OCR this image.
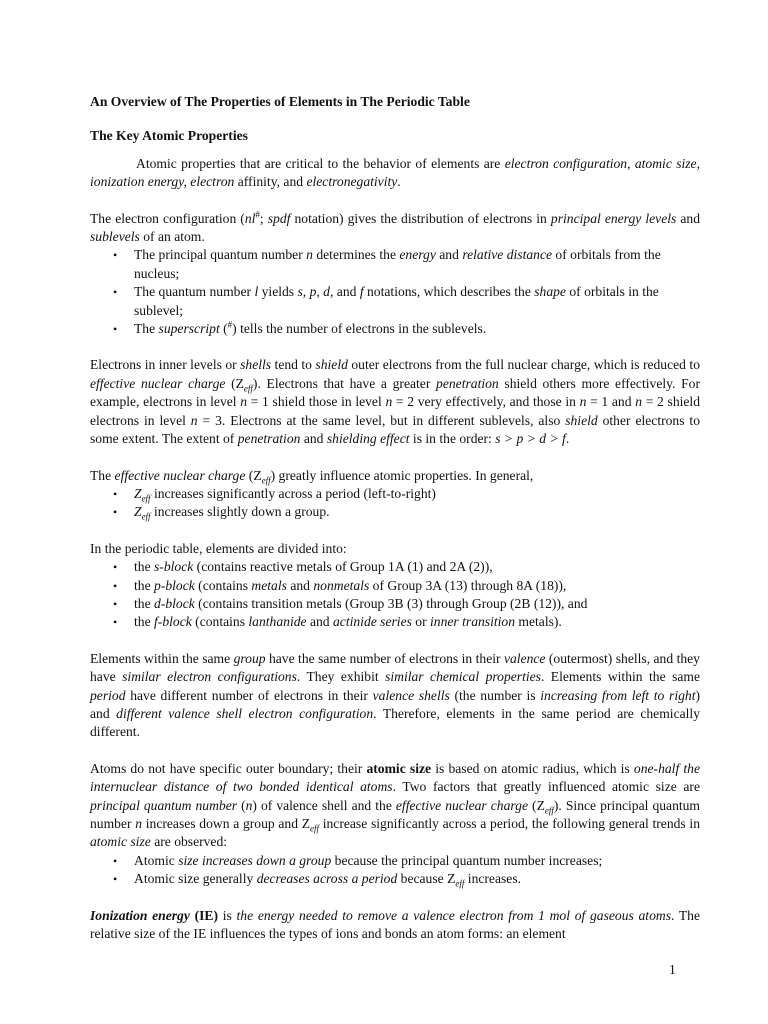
An Overview of The Properties of Elements in The Periodic Table
The Key Atomic Properties

Atomic properties that are critical to the behavior of elements are electron configuration, atomic size, ionization energy, electron affinity, and electronegativity.

The electron configuration (nl#; spdf notation) gives the distribution of electrons in principal energy levels and sublevels of an atom.

• The principal quantum number n determines the energy and relative distance of orbitals from the nucleus;
• The quantum number l yields s, p, d, and f notations, which describes the shape of orbitals in the sublevel;
• The superscript (#) tells the number of electrons in the sublevels.

Electrons in inner levels or shells tend to shield outer electrons from the full nuclear charge, which is reduced to effective nuclear charge $(Z_{eff})$. Electrons that have a greater penetration shield others more effectively. For example, electrons in level n = 1 shield those in level n = 2 very effectively, and those in n = 1 and n = 2 shield electrons in level n = 3. Electrons at the same level, but in different sublevels, also shield other electrons to some extent. The extent of penetration and shielding effect is in the order: s > p > d > f.

The effective nuclear charge $(Z_{eff})$ greatly influence atomic properties. In general,

• $Z_{eff}$ increases significantly across a period (left-to-right)
• $Z_{eff}$ increases slightly down a group.

In the periodic table, elements are divided into:

• the s-block (contains reactive metals of Group 1A (1) and 2A (2)),
• the p-block (contains metals and nonmetals of Group 3A (13) through 8A (18)),
• the d-block (contains transition metals (Group 3B (3) through Group (2B (12)), and
• the f-block (contains lanthanide and actinide series or inner transition metals).

Elements within the same group have the same number of electrons in their valence (outermost) shells, and they have similar electron configurations. They exhibit similar chemical properties. Elements within the same period have different number of electrons in their valence shells (the number is increasing from left to right) and different valence shell electron configuration. Therefore, elements in the same period are chemically different.

Atoms do not have specific outer boundary; their atomic size is based on atomic radius, which is one-half the internuclear distance of two bonded identical atoms. Two factors that greatly influenced atomic size are principal quantum number (n) of valence shell and the effective nuclear charge $(Z_{eff})$. Since principal quantum number n increases down a group and $Z_{eff}$ increase significantly across a period, the following general trends in atomic size are observed:

• Atomic size increases down a group because the principal quantum number increases;
• Atomic size generally decreases across a period because $Z_{eff}$ increases.

Ionization energy (IE) is the energy needed to remove a valence electron from 1 mol of gaseous atoms. The relative size of the IE influences the types of ions and bonds an atom forms: an element

1
